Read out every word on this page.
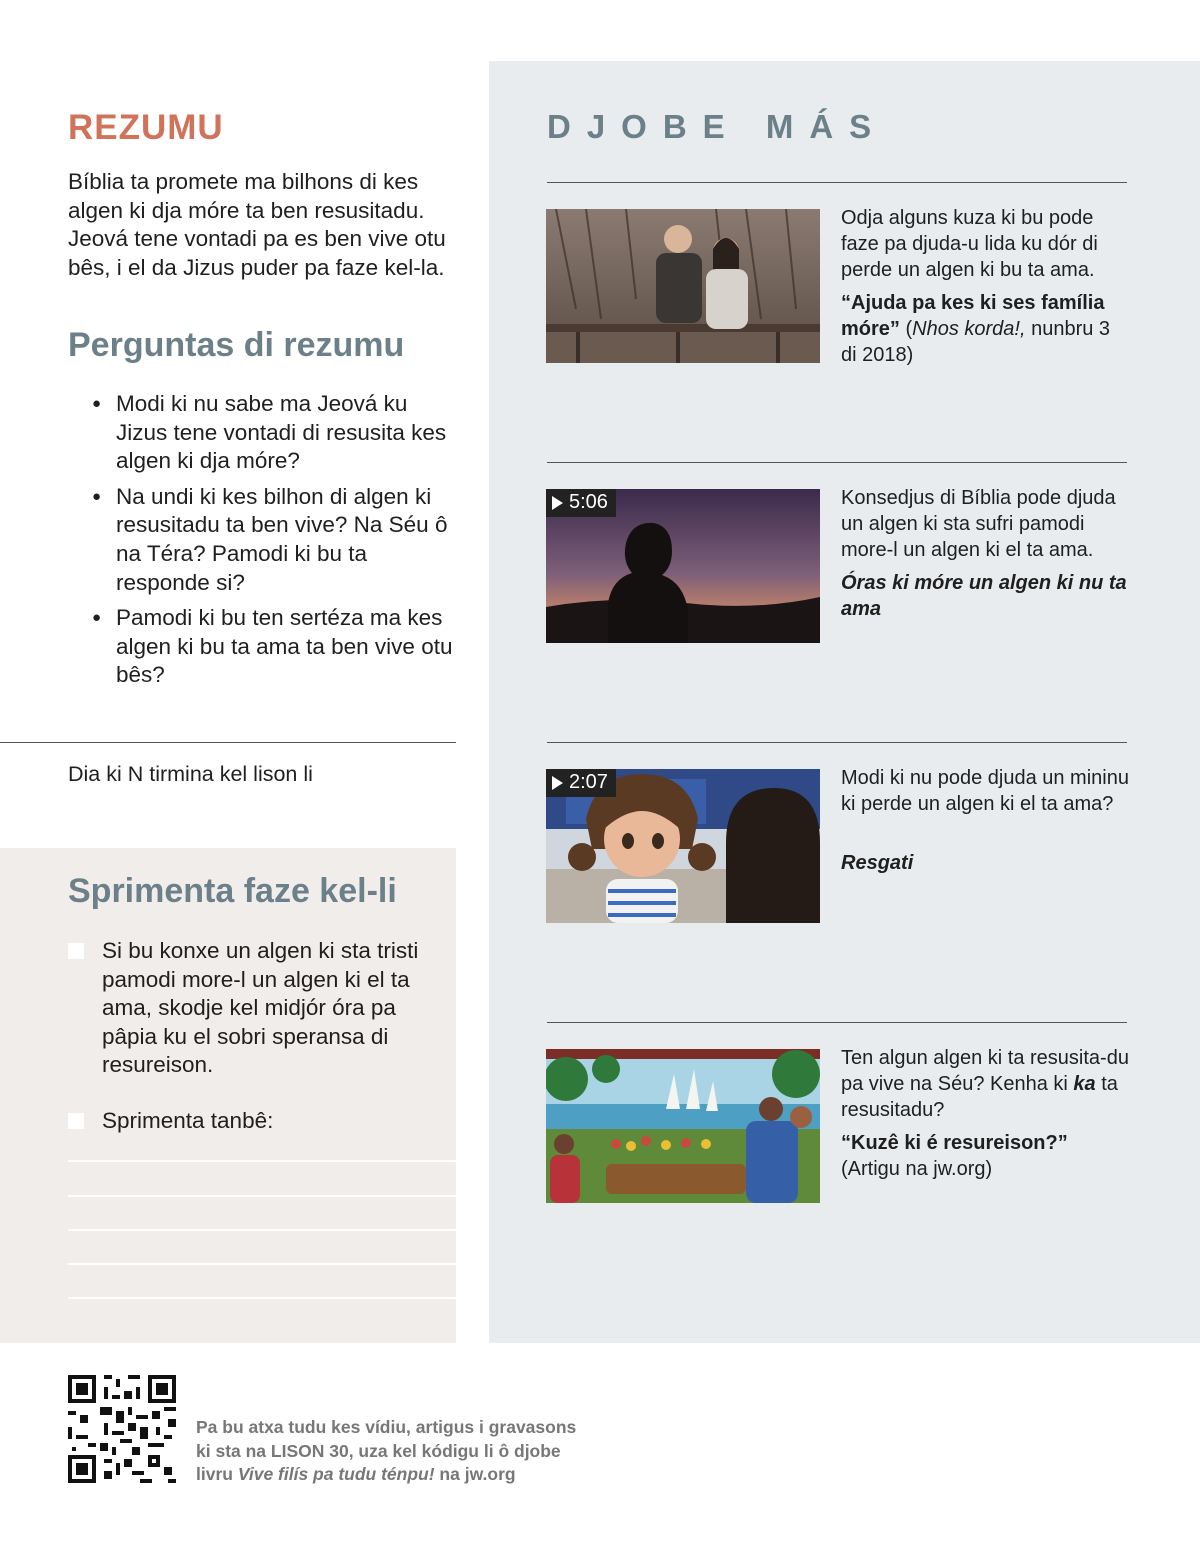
REZUMU

Bíblia ta promete ma bilhons di kes algen ki dja móre ta ben resusitadu. Jeová tene vontadi pa es ben vive otu bês, i el da Jizus puder pa faze kel-la.

Perguntas di rezumu
● Modi ki nu sabe ma Jeová ku Jizus tene vontadi di resusita kes algen ki dja móre?
● Na undi ki kes bilhon di algen ki resusitadu ta ben vive? Na Séu ô na Téra? Pamodi ki bu ta responde si?
● Pamodi ki bu ten sertéza ma kes algen ki bu ta ama ta ben vive otu bês?

Dia ki N tirmina kel lison li

Sprimenta faze kel-li
Si bu konxe un algen ki sta tristi pamodi more-l un algen ki el ta ama, skodje kel midjór óra pa pâpia ku el sobri speransa di resureison.
Sprimenta tanbê:
DJOBE MÁS

Odja alguns kuza ki bu pode faze pa djuda-u lida ku dór di perde un algen ki bu ta ama.

“Ajuda pa kes ki ses família móre” (Nhos korda!, nunbru 3 di 2018)

5:06	Konsedjus di Bíblia pode djuda un algen ki sta sufri pamodi more-l un algen ki el ta ama.

Óras ki móre un algen ki nu ta ama

2:07	Modi ki nu pode djuda un mininu ki perde un algen ki el ta ama?

Resgati

Ten algun algen ki ta resusita-du pa vive na Séu? Kenha ki ka ta resusitadu?

“Kuzê ki é resureison?”
(Artigu na jw.org)

Pa bu atxa tudu kes vídiu, artigus i gravasons
ki sta na LISON 30, uza kel kódigu li ô djobe
livru Vive filís pa tudu ténpu! na jw.org
